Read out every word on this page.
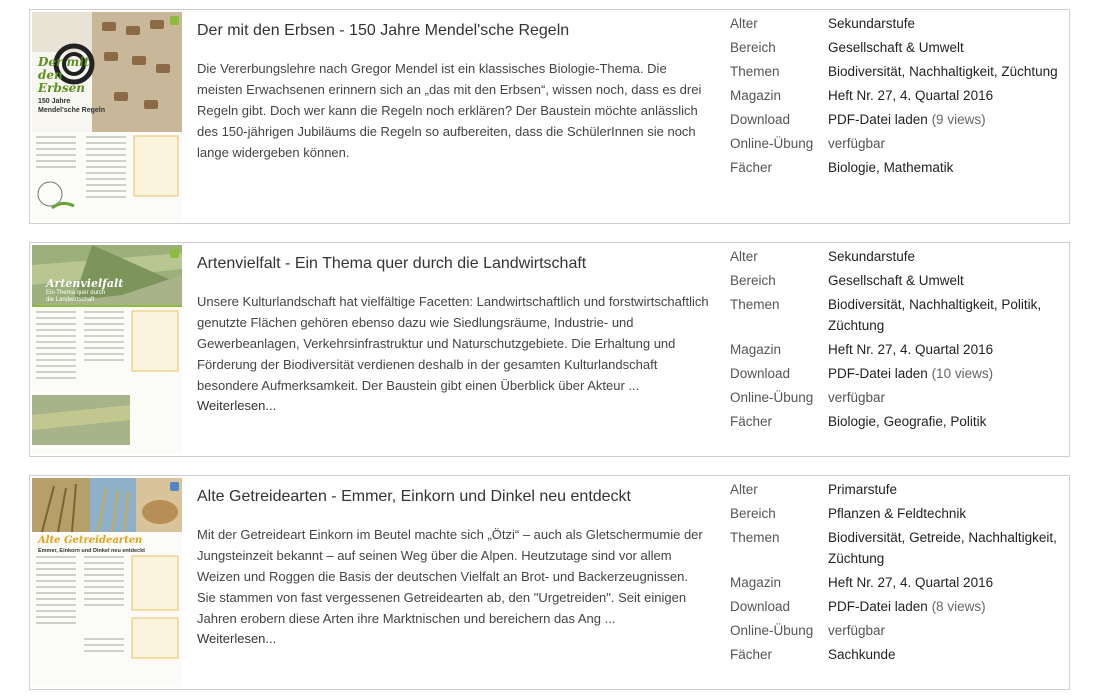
Der mit den Erbsen
150 Jahre
Mendel'sche Regeln
Der mit den Erbsen - 150 Jahre Mendel'sche Regeln
Die Vererbungslehre nach Gregor Mendel ist ein klassisches Biologie-Thema. Die meisten Erwachsenen erinnern sich an „das mit den Erbsen“, wissen noch, dass es drei Regeln gibt. Doch wer kann die Regeln noch erklären? Der Baustein möchte anlässlich des 150-jährigen Jubiläums die Regeln so aufbereiten, dass die SchülerInnen sie noch lange widergeben können.
Alter	Sekundarstufe
Bereich	Gesellschaft & Umwelt
Themen	Biodiversität, Nachhaltigkeit, Züchtung
Magazin	Heft Nr. 27, 4. Quartal 2016
Download	PDF-Datei laden (9 views)
Online-Übung	verfügbar
Fächer	Biologie, Mathematik
Artenvielfalt
Ein Thema quer durch
die Landwirtschaft
Artenvielfalt - Ein Thema quer durch die Landwirtschaft
Unsere Kulturlandschaft hat vielfältige Facetten: Landwirtschaftlich und forstwirtschaftlich genutzte Flächen gehören ebenso dazu wie Siedlungsräume, Industrie- und Gewerbeanlagen, Verkehrsinfrastruktur und Naturschutzgebiete. Die Erhaltung und Förderung der Biodiversität verdienen deshalb in der gesamten Kulturlandschaft besondere Aufmerksamkeit. Der Baustein gibt einen Überblick über Akteur ...
Weiterlesen...
Alter	Sekundarstufe
Bereich	Gesellschaft & Umwelt
Themen	Biodiversität, Nachhaltigkeit, Politik, Züchtung
Magazin	Heft Nr. 27, 4. Quartal 2016
Download	PDF-Datei laden (10 views)
Online-Übung	verfügbar
Fächer	Biologie, Geografie, Politik
Alte Getreidearten
Emmer, Einkorn und Dinkel neu entdeckt
Alte Getreidearten - Emmer, Einkorn und Dinkel neu entdeckt
Mit der Getreideart Einkorn im Beutel machte sich „Ötzi“ – auch als Gletschermumie der Jungsteinzeit bekannt – auf seinen Weg über die Alpen. Heutzutage sind vor allem Weizen und Roggen die Basis der deutschen Vielfalt an Brot- und Backerzeugnissen. Sie stammen von fast vergessenen Getreidearten ab, den "Urgetreiden". Seit einigen Jahren erobern diese Arten ihre Marktnischen und bereichern das Ang ...
Weiterlesen...
Alter	Primarstufe
Bereich	Pflanzen & Feldtechnik
Themen	Biodiversität, Getreide, Nachhaltigkeit, Züchtung
Magazin	Heft Nr. 27, 4. Quartal 2016
Download	PDF-Datei laden (8 views)
Online-Übung	verfügbar
Fächer	Sachkunde
